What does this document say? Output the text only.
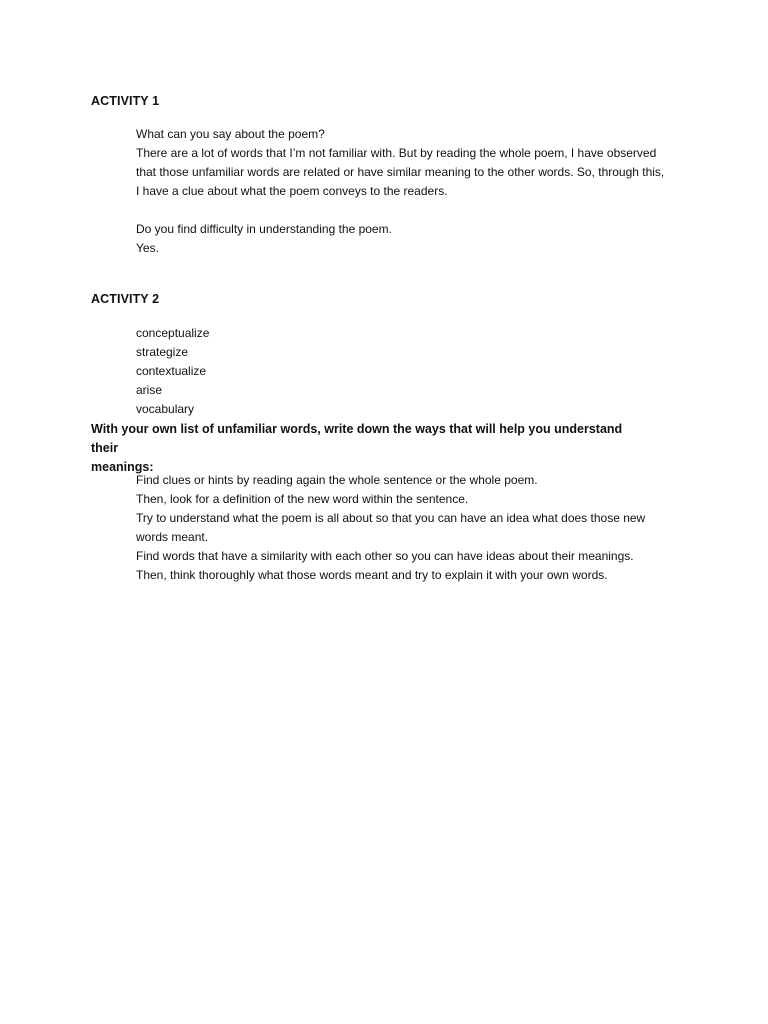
ACTIVITY 1

What can you say about the poem?

There are a lot of words that I’m not familiar with. But by reading the whole poem, I have observed

that those unfamiliar words are related or have similar meaning to the other words. So, through this,

I have a clue about what the poem conveys to the readers.

Do you find difficulty in understanding the poem.

Yes.

ACTIVITY 2
conceptualize
strategize
contextualize
arise
vocabulary

With your own list of unfamiliar words, write down the ways that will help you understand their

meanings:

Find clues or hints by reading again the whole sentence or the whole poem.

Then, look for a definition of the new word within the sentence.

Try to understand what the poem is all about so that you can have an idea what does those new

words meant.

Find words that have a similarity with each other so you can have ideas about their meanings.

Then, think thoroughly what those words meant and try to explain it with your own words.
